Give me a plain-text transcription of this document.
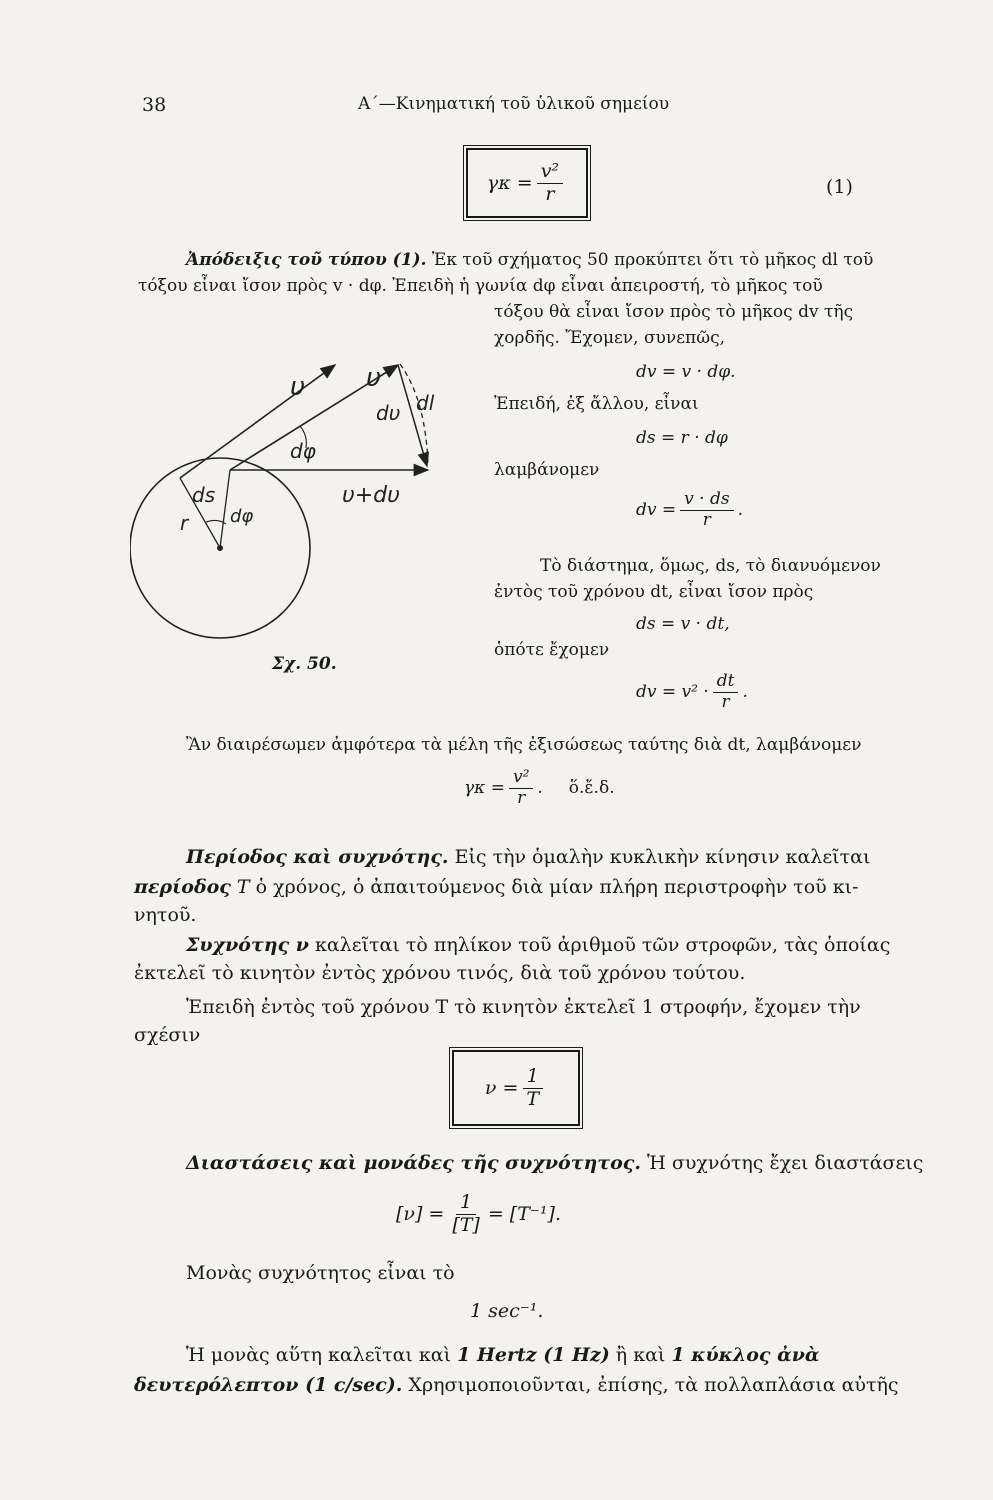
38	Α΄—Κινηματική τοῦ ὑλικοῦ σημείου
$\gamma\kappa = \frac{\text{v²}}{r}$	(1)
Ἀπόδειξις τοῦ τύπου (1). Ἐκ τοῦ σχήματος 50 προκύπτει ὅτι τὸ μῆκος dl τοῦ
τόξου εἶναι ἴσον πρὸς v · dφ. Ἐπειδὴ ἡ γωνία dφ εἶναι ἀπειροστή, τὸ μῆκος τοῦ
τόξου θὰ εἶναι ἴσον πρὸς τὸ μῆκος dv τῆς
χορδῆς. Ἔχομεν, συνεπῶς,
dv = v · dφ.
Ἐπειδή, ἐξ ἄλλου, εἶναι
ds = r · dφ
λαμβάνομεν
dv = $\frac{v \cdot ds}{r}$ .
Τὸ διάστημα, ὅμως, ds, τὸ διανυόμενον
ἐντὸς τοῦ χρόνου dt, εἶναι ἴσον πρὸς
ds = v · dt,
ὁπότε ἔχομεν
dv = $v^2 \cdot \frac{dt}{r}$ .
Ἂν διαιρέσωμεν ἀμφότερα τὰ μέλη τῆς ἐξισώσεως ταύτης διὰ dt, λαμβάνομεν
$\gamma\kappa = \frac{\text{v²}}{r}$ . ὅ.ἔ.δ.
υ υ
dυ dl
dφ
ds
r dφ
υ+dυ
Σχ. 50.
Περίοδος καὶ συχνότης. Εἰς τὴν ὁμαλὴν κυκλικὴν κίνησιν καλεῖται
περίοδος T ὁ χρόνος, ὁ ἀπαιτούμενος διὰ μίαν πλήρη περιστροφὴν τοῦ κι-
νητοῦ.
Συχνότης ν καλεῖται τὸ πηλίκον τοῦ ἀριθμοῦ τῶν στροφῶν, τὰς ὁποίας
ἐκτελεῖ τὸ κινητὸν ἐντὸς χρόνου τινός, διὰ τοῦ χρόνου τούτου.
Ἐπειδὴ ἐντὸς τοῦ χρόνου T τὸ κινητὸν ἐκτελεῖ 1 στροφήν, ἔχομεν τὴν
σχέσιν
$\nu = \frac{1}{T}$
Διαστάσεις καὶ μονάδες τῆς συχνότητος. Ἡ συχνότης ἔχει διαστάσεις
$[\nu] = \frac{1}{[T]} = [T^{-1}]$.
Μονὰς συχνότητος εἶναι τὸ
1 sec⁻¹.
Ἡ μονὰς αὕτη καλεῖται καὶ 1 Hertz (1 Hz) ἢ καὶ 1 κύκλος ἀνὰ
δευτερόλεπτον (1 c/sec). Χρησιμοποιοῦνται, ἐπίσης, τὰ πολλαπλάσια αὐτῆς
